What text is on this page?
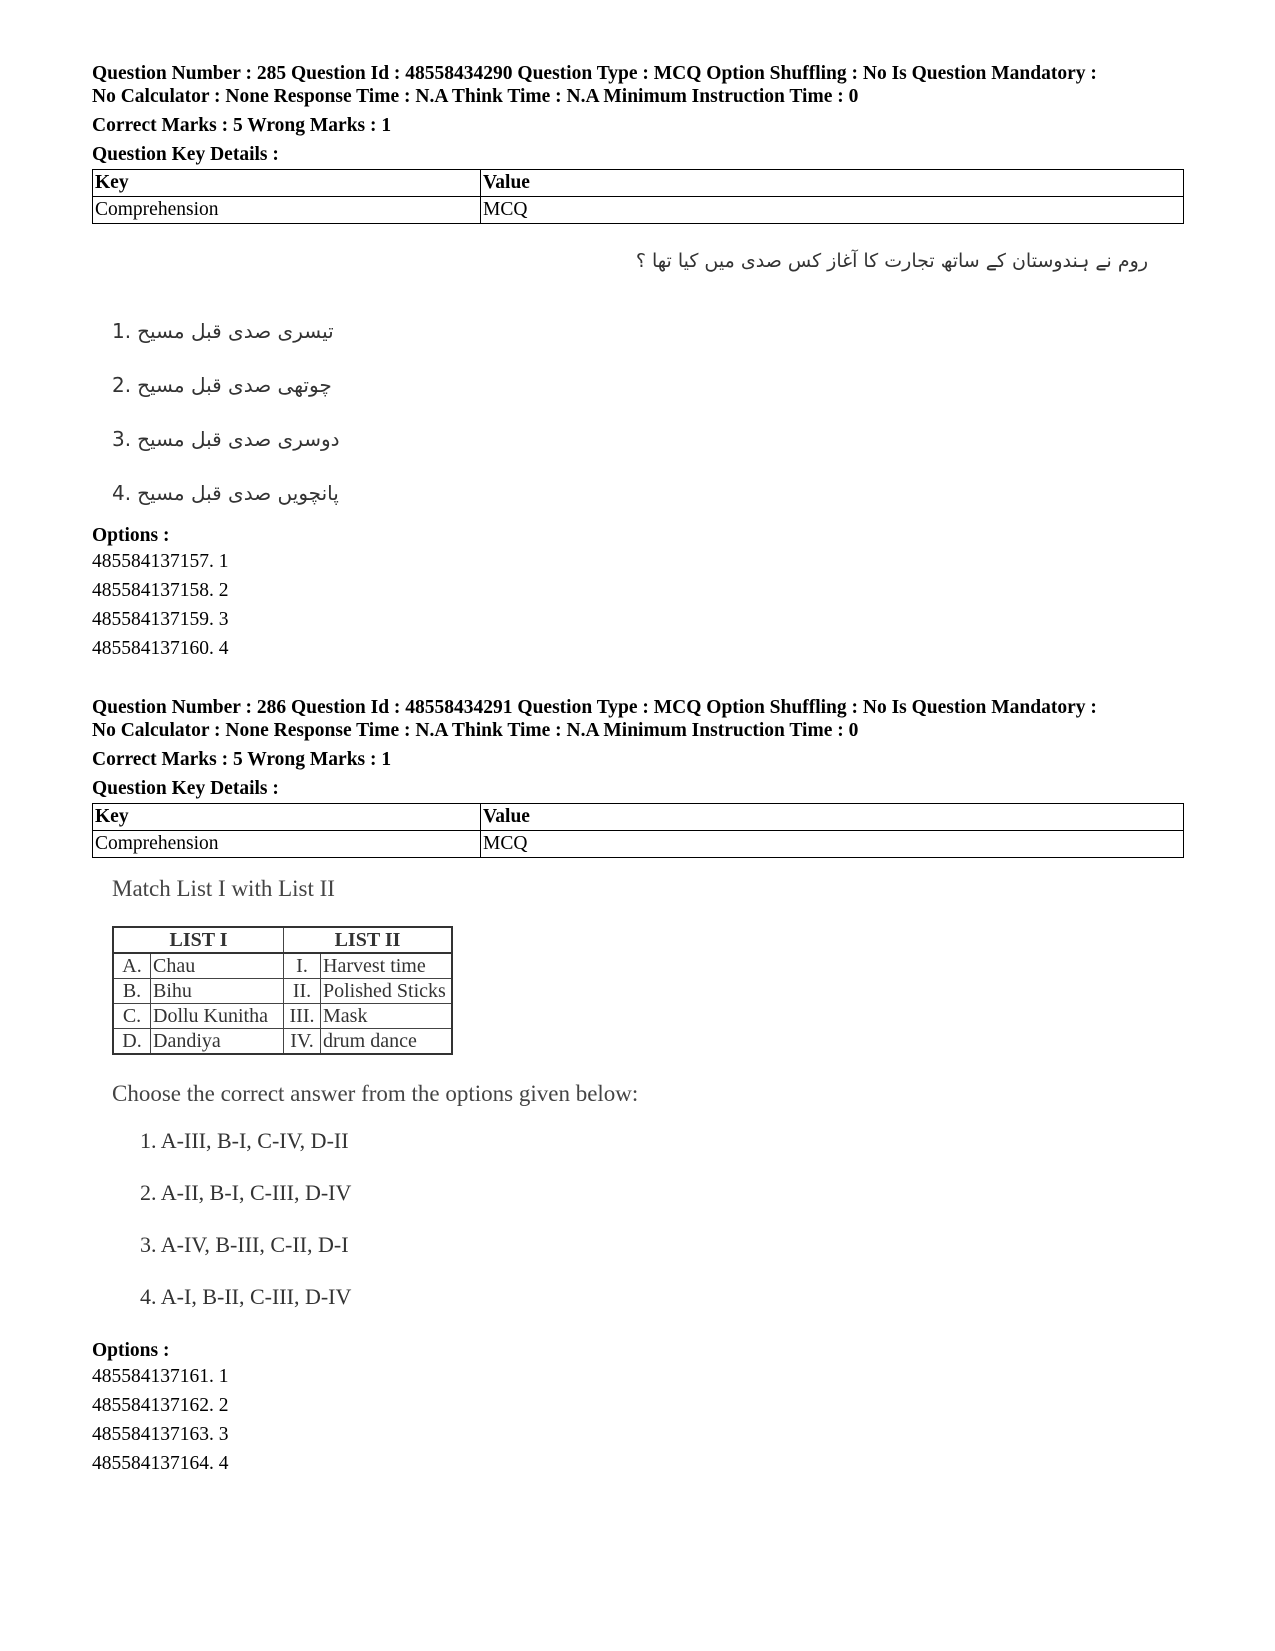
Question Number : 285 Question Id : 48558434290 Question Type : MCQ Option Shuffling : No Is Question Mandatory :

No Calculator : None Response Time : N.A Think Time : N.A Minimum Instruction Time : 0

Correct Marks : 5 Wrong Marks : 1
Question Key Details :
Key	Value
Comprehension	MCQ
روم نے ہندوستان کے ساتھ تجارت کا آغاز کس صدی میں کیا تھا ؟
1. تیسری صدی قبل مسیح
2. چوتھی صدی قبل مسیح
3. دوسری صدی قبل مسیح
4. پانچویں صدی قبل مسیح
Options :
485584137157. 1
485584137158. 2
485584137159. 3
485584137160. 4

Question Number : 286 Question Id : 48558434291 Question Type : MCQ Option Shuffling : No Is Question Mandatory :

No Calculator : None Response Time : N.A Think Time : N.A Minimum Instruction Time : 0

Correct Marks : 5 Wrong Marks : 1
Question Key Details :
Key	Value
Comprehension	MCQ
Match List I with List II
LIST I		LIST II	
A.	Chau	I.	Harvest time
B.	Bihu	II.	Polished Sticks
C.	Dollu Kunitha	III.	Mask
D.	Dandiya	IV.	drum dance
Choose the correct answer from the options given below:
1. A-III, B-I, C-IV, D-II
2. A-II, B-I, C-III, D-IV
3. A-IV, B-III, C-II, D-I
4. A-I, B-II, C-III, D-IV
Options :
485584137161. 1
485584137162. 2
485584137163. 3
485584137164. 4
